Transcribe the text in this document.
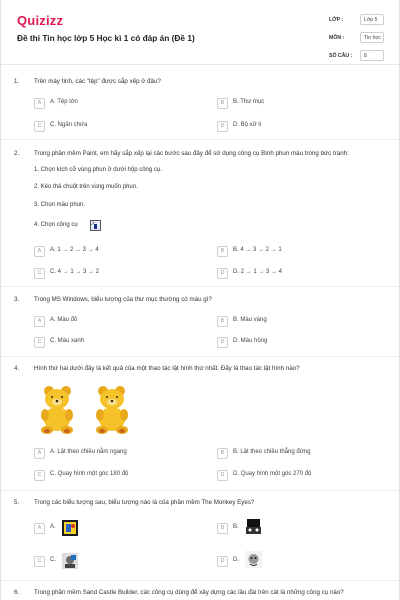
Quizizz
Đề thi Tin học lớp 5 Học kì 1 có đáp án (Đề 1)
LỚP :	Lớp 5
MÔN :	Tin học
SỐ CÂU :	8
1. Trên máy tính, các "tệp" được sắp xếp ở đâu?
A	A. Tệp lớn	B	B. Thư mục
C	C. Ngăn chứa	D	D. Bộ xử lí
2. Trong phần mềm Paint, em hãy sắp xếp lại các bước sau đây để sử dụng công cụ Bình phun màu trong bức tranh:
1. Chọn kích cỡ vùng phun ở dưới hộp công cụ.
2. Kéo thả chuột trên vùng muốn phun.
3. Chọn màu phun.
4. Chọn công cụ
A	A. 1 → 2 → 3 → 4	B	B. 4 → 3 → 2 → 1
C	C. 4 → 1 → 3 → 2	D	D. 2 → 1 → 3 → 4
3. Trong MS Windows, biểu tượng của thư mục thường có màu gì?
A	A. Màu đỏ	B	B. Màu vàng
C	C. Màu xanh	D	D. Màu hồng
4. Hình thứ hai dưới đây là kết quả của một thao tác lật hình thứ nhất. Đấy là thao tác lật hình nào?
A	A. Lật theo chiều nằm ngang	B	B. Lật theo chiều thẳng đứng
C	C. Quay hình một góc 180 độ	D	D. Quay hình một góc 270 độ
5. Trong các biểu tượng sau, biểu tượng nào là của phần mềm The Monkey Eyes?
A	A.	B	B.
C	C.	D	D.
6. Trong phần mềm Sand Castle Builder, các công cụ dùng để xây dựng các lâu đài trên cát là những công cụ nào?
